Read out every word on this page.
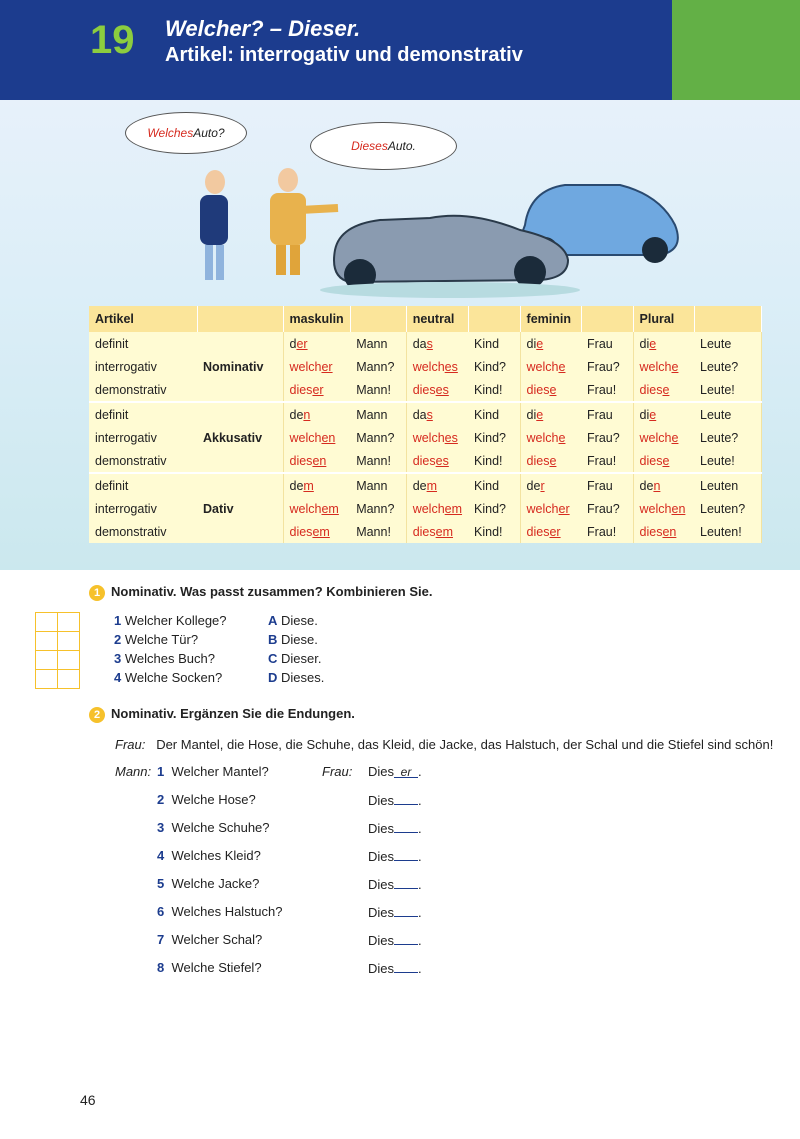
19 Welcher? – Dieser.
Artikel: interrogativ und demonstrativ
Welches Auto?
Dieses Auto.
Artikel		maskulin		neutral		feminin		Plural	
definit	Nominativ	der	Mann	das	Kind	die	Frau	die	Leute
interrogativ		welcher	Mann?	welches	Kind?	welche	Frau?	welche	Leute?
demonstrativ		dieser	Mann!	dieses	Kind!	diese	Frau!	diese	Leute!
definit	Akkusativ	den	Mann	das	Kind	die	Frau	die	Leute
interrogativ		welchen	Mann?	welches	Kind?	welche	Frau?	welche	Leute?
demonstrativ		diesen	Mann!	dieses	Kind!	diese	Frau!	diese	Leute!
definit	Dativ	dem	Mann	dem	Kind	der	Frau	den	Leuten
interrogativ		welchem	Mann?	welchem	Kind?	welcher	Frau?	welchen	Leuten?
demonstrativ		diesem	Mann!	diesem	Kind!	dieser	Frau!	diesen	Leuten!
1 Nominativ. Was passt zusammen? Kombinieren Sie.

1 Welcher Kollege?
2 Welche Tür?
3 Welches Buch?
4 Welche Socken?
A Diese.
B Diese.
C Dieser.
D Dieses.
2 Nominativ. Ergänzen Sie die Endungen.
Frau: Der Mantel, die Hose, die Schuhe, das Kleid, die Jacke, das Halstuch, der Schal und die Stiefel sind schön!
Mann:	Frau:
1 Welcher Mantel?	Dies er .
2 Welche Hose?	Dies .
3 Welche Schuhe?	Dies .
4 Welches Kleid?	Dies .
5 Welche Jacke?	Dies .
6 Welches Halstuch?	Dies .
7 Welcher Schal?	Dies .
8 Welche Stiefel?	Dies .
46
